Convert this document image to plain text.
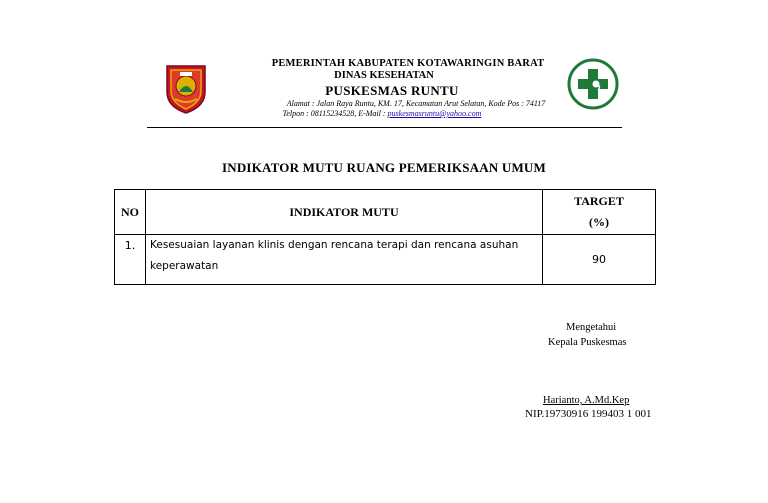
PEMERINTAH KABUPATEN KOTAWARINGIN BARAT
DINAS KESEHATAN
PUSKESMAS RUNTU
Alamat : Jalan Raya Runtu, KM. 17, Kecamatan Arut Selatan, Kode Pos : 74117
Telpon : 08115234528, E-Mail : puskesmasruntu@yahoo.com
INDIKATOR MUTU RUANG PEMERIKSAAN UMUM
NO	INDIKATOR MUTU	TARGET
(%)

1.	Kesesuaian layanan klinis dengan rencana terapi dan rencana asuhan keperawatan	90
Mengetahui
Kepala Puskesmas
Harianto, A.Md.Kep
NIP.19730916 199403 1 001
